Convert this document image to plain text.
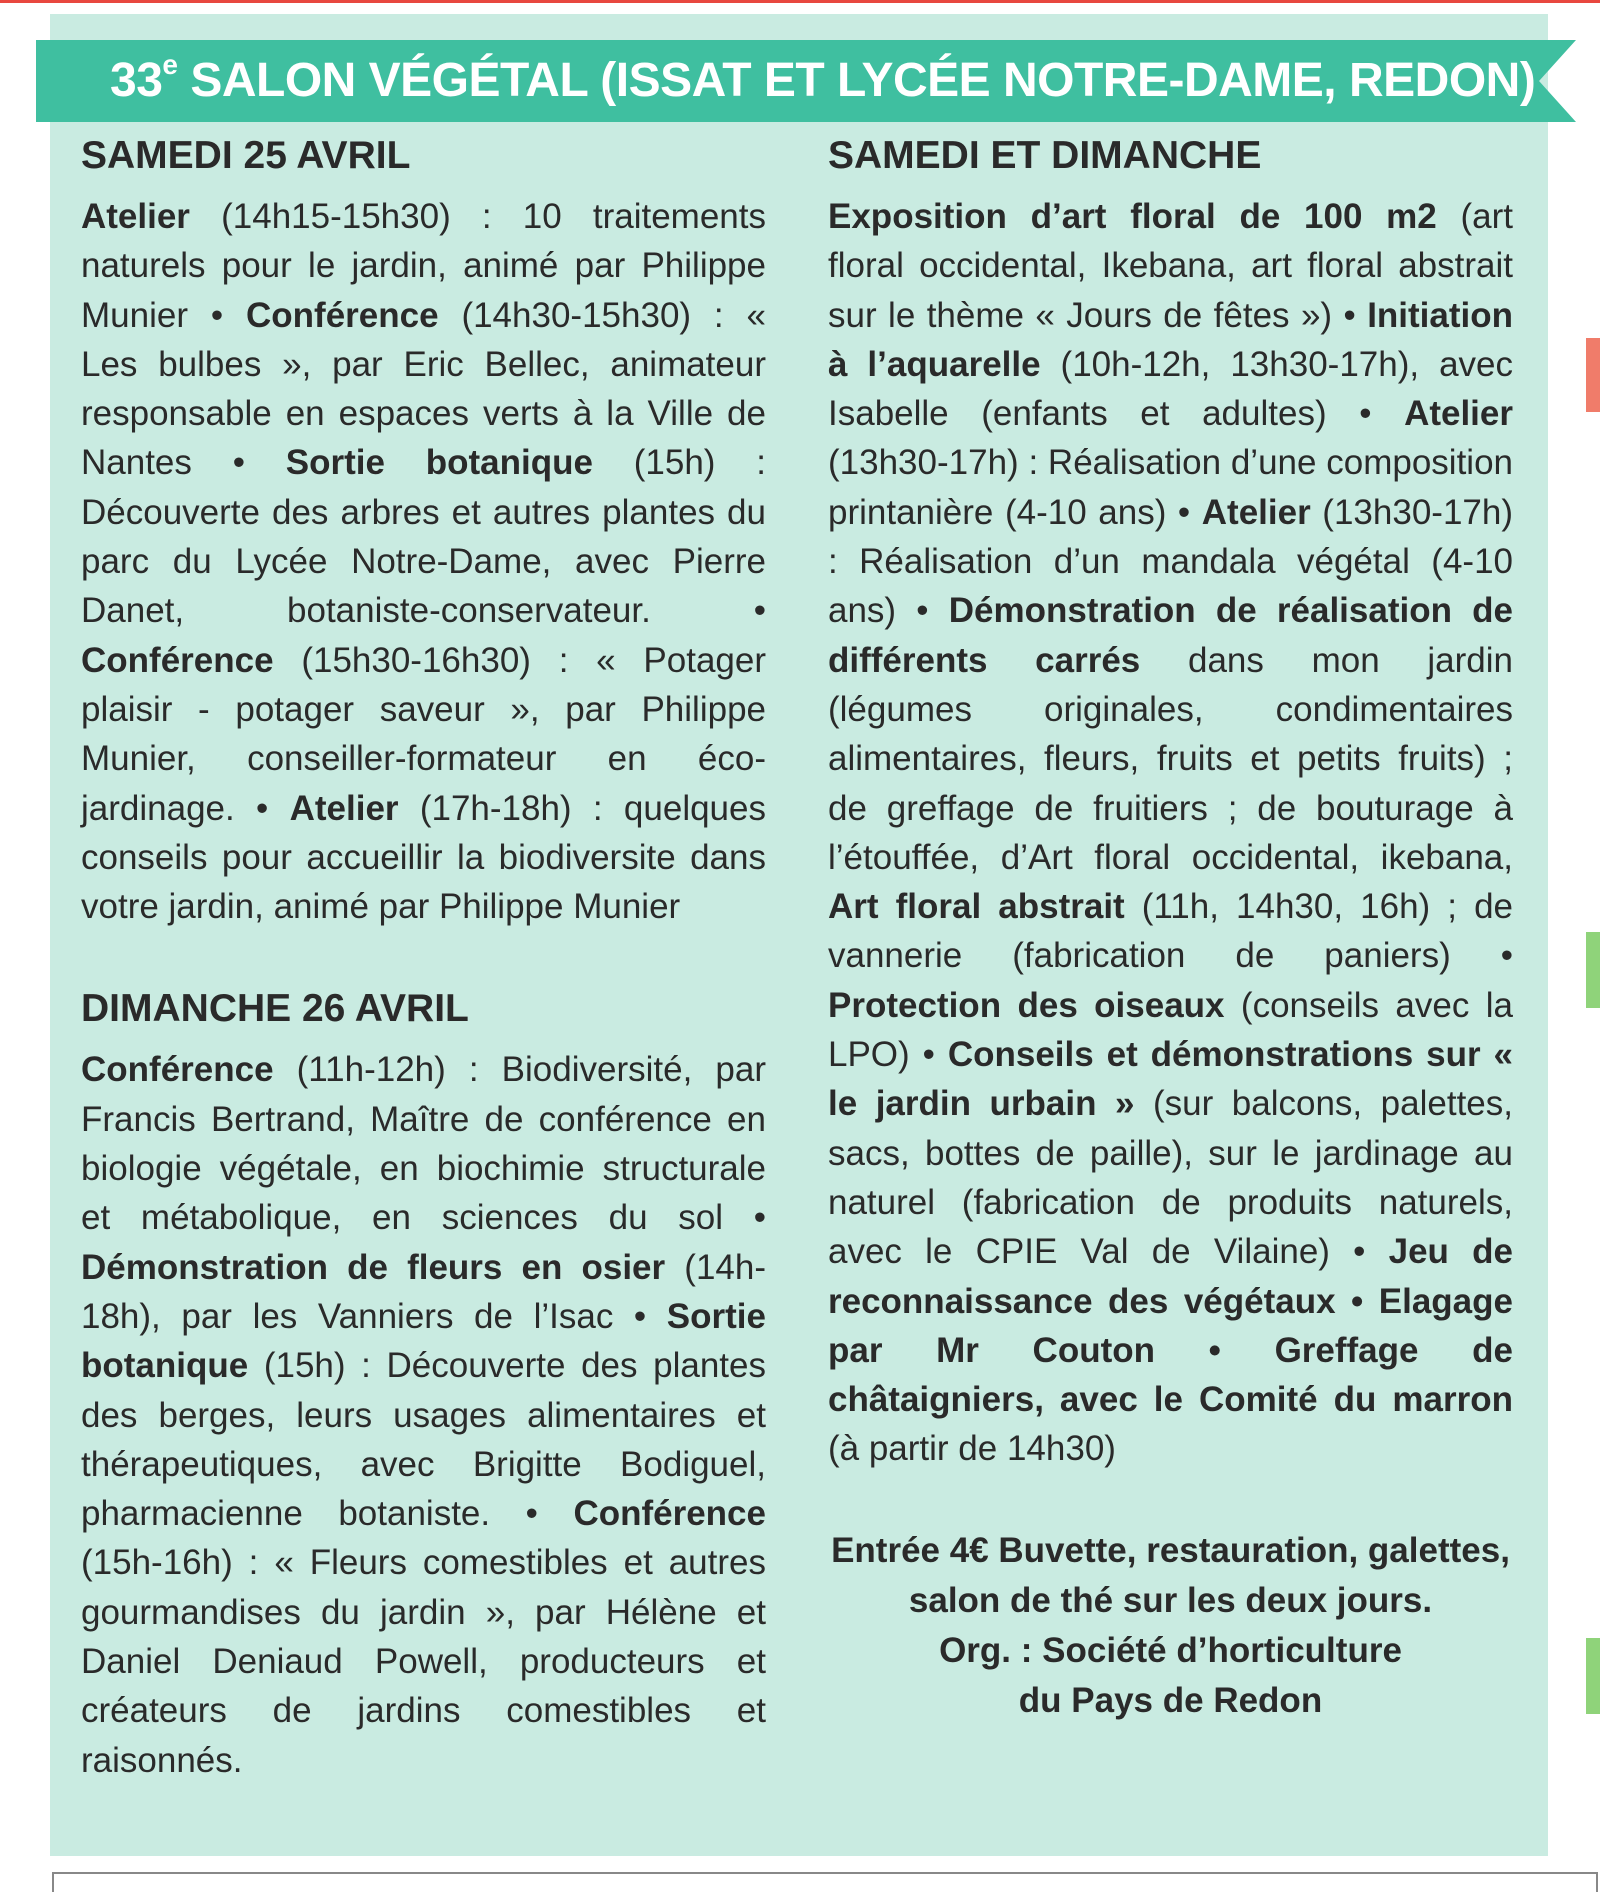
33e SALON VÉGÉTAL (ISSAT ET LYCÉE NOTRE-DAME, REDON)
SAMEDI 25 AVRIL
Atelier (14h15-15h30) : 10 traitements naturels pour le jardin, animé par Philippe Munier • Conférence (14h30-15h30) : « Les bulbes », par Eric Bellec, animateur responsable en espaces verts à la Ville de Nantes • Sortie botanique (15h) : Découverte des arbres et autres plantes du parc du Lycée Notre-Dame, avec Pierre Danet, botaniste-conservateur. • Conférence (15h30-16h30) : « Potager plaisir - potager saveur », par Philippe Munier, conseiller-formateur en éco-jardinage. • Atelier (17h-18h) : quelques conseils pour accueillir la biodiversite dans votre jardin, animé par Philippe Munier
DIMANCHE 26 AVRIL
Conférence (11h-12h) : Biodiversité, par Francis Bertrand, Maître de conférence en biologie végétale, en biochimie structurale et métabolique, en sciences du sol • Démonstration de fleurs en osier (14h-18h), par les Vanniers de l’Isac • Sortie botanique (15h) : Découverte des plantes des berges, leurs usages alimentaires et thérapeutiques, avec Brigitte Bodiguel, pharmacienne botaniste. • Conférence (15h-16h) : « Fleurs comestibles et autres gourmandises du jardin », par Hélène et Daniel Deniaud Powell, producteurs et créateurs de jardins comestibles et raisonnés.
SAMEDI ET DIMANCHE
Exposition d’art floral de 100 m2 (art floral occidental, Ikebana, art floral abstrait sur le thème « Jours de fêtes ») • Initiation à l’aquarelle (10h-12h, 13h30-17h), avec Isabelle (enfants et adultes) • Atelier (13h30-17h) : Réalisation d’une composition printanière (4-10 ans) • Atelier (13h30-17h) : Réalisation d’un mandala végétal (4-10 ans) • Démonstration de réalisation de différents carrés dans mon jardin (légumes originales, condimentaires alimentaires, fleurs, fruits et petits fruits) ; de greffage de fruitiers ; de bouturage à l’étouffée, d’Art floral occidental, ikebana, Art floral abstrait (11h, 14h30, 16h) ; de vannerie (fabrication de paniers) • Protection des oiseaux (conseils avec la LPO) • Conseils et démonstrations sur « le jardin urbain » (sur balcons, palettes, sacs, bottes de paille), sur le jardinage au naturel (fabrication de produits naturels, avec le CPIE Val de Vilaine) • Jeu de reconnaissance des végétaux • Elagage par Mr Couton • Greffage de châtaigniers, avec le Comité du marron (à partir de 14h30)
Entrée 4€ Buvette, restauration, galettes, salon de thé sur les deux jours.
Org. : Société d’horticulture
du Pays de Redon
